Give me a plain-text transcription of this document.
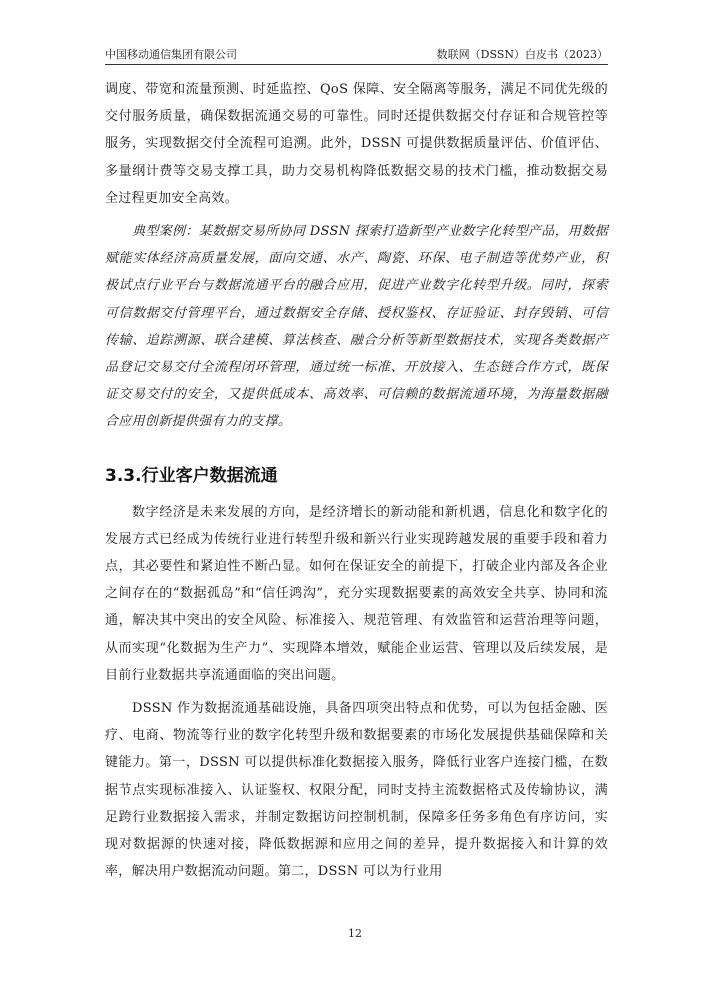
中国移动通信集团有限公司	数联网（DSSN）白皮书（2023）

调度、带宽和流量预测、时延监控、QoS 保障、安全隔离等服务，满足不同优先级的交付服务质量，确保数据流通交易的可靠性。同时还提供数据交付存证和合规管控等服务，实现数据交付全流程可追溯。此外，DSSN 可提供数据质量评估、价值评估、多量纲计费等交易支撑工具，助力交易机构降低数据交易的技术门槛，推动数据交易全过程更加安全高效。

典型案例：某数据交易所协同 DSSN 探索打造新型产业数字化转型产品，用数据赋能实体经济高质量发展，面向交通、水产、陶瓷、环保、电子制造等优势产业，积极试点行业平台与数据流通平台的融合应用，促进产业数字化转型升级。同时，探索可信数据交付管理平台，通过数据安全存储、授权鉴权、存证验证、封存毁销、可信传输、追踪溯源、联合建模、算法核查、融合分析等新型数据技术，实现各类数据产品登记交易交付全流程闭环管理，通过统一标准、开放接入、生态链合作方式，既保证交易交付的安全，又提供低成本、高效率、可信赖的数据流通环境，为海量数据融合应用创新提供强有力的支撑。

3.3.行业客户数据流通

数字经济是未来发展的方向，是经济增长的新动能和新机遇，信息化和数字化的发展方式已经成为传统行业进行转型升级和新兴行业实现跨越发展的重要手段和着力点，其必要性和紧迫性不断凸显。如何在保证安全的前提下，打破企业内部及各企业之间存在的“数据孤岛”和“信任鸿沟”，充分实现数据要素的高效安全共享、协同和流通，解决其中突出的安全风险、标准接入、规范管理、有效监管和运营治理等问题，从而实现“化数据为生产力”、实现降本增效，赋能企业运营、管理以及后续发展，是目前行业数据共享流通面临的突出问题。

DSSN 作为数据流通基础设施，具备四项突出特点和优势，可以为包括金融、医疗、电商、物流等行业的数字化转型升级和数据要素的市场化发展提供基础保障和关键能力。第一，DSSN 可以提供标准化数据接入服务，降低行业客户连接门槛，在数据节点实现标准接入、认证鉴权、权限分配，同时支持主流数据格式及传输协议，满足跨行业数据接入需求，并制定数据访问控制机制，保障多任务多角色有序访问，实现对数据源的快速对接，降低数据源和应用之间的差异，提升数据接入和计算的效率，解决用户数据流动问题。第二，DSSN 可以为行业用

12
